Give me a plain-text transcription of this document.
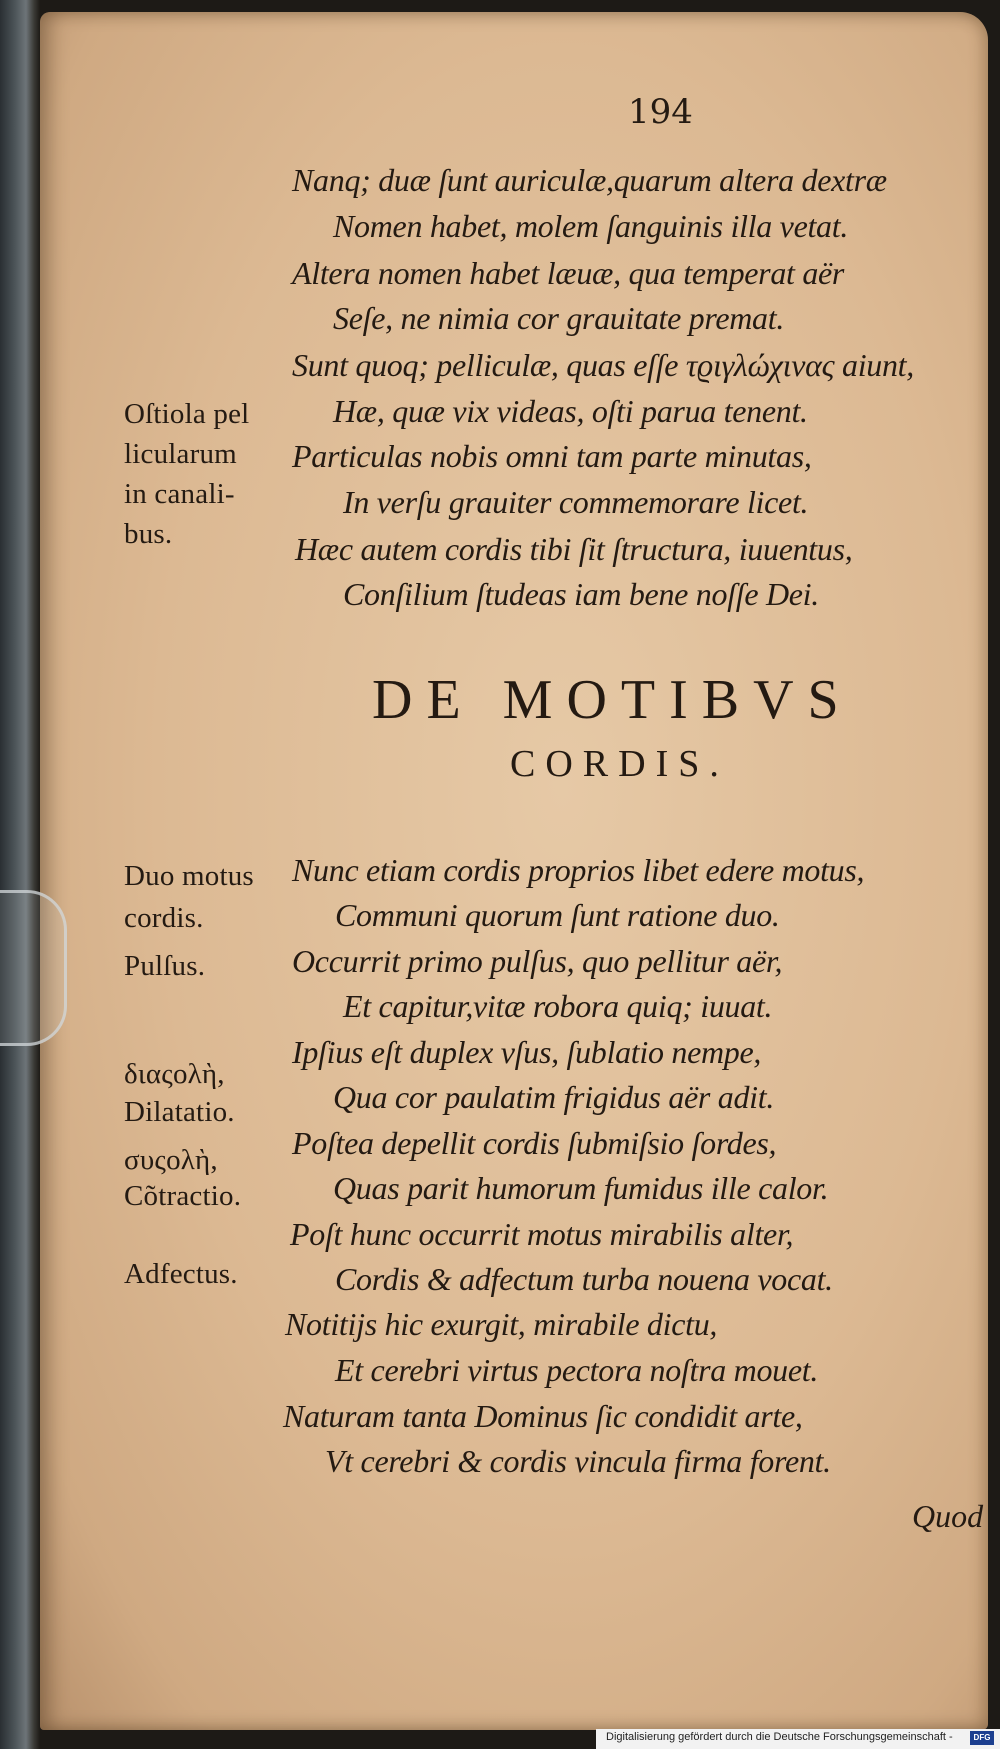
194
Nanq; duæ ſunt auriculæ,quarum altera dextræ
Nomen habet, molem ſanguinis illa vetat.
Altera nomen habet læuæ, qua temperat aër
Seſe, ne nimia cor grauitate premat.
Sunt quoq; pelliculæ, quas eſſe τϱιγλώχινας aiunt,
Hæ, quæ vix videas, oſti parua tenent.
Particulas nobis omni tam parte minutas,
In verſu grauiter commemorare licet.
Hæc autem cordis tibi ſit ſtructura, iuuentus,
Conſilium ſtudeas iam bene noſſe Dei.
Oſtiola pel
licularum
in canali-
bus.
DE MOTIBVS
CORDIS.
Nunc etiam cordis proprios libet edere motus,
Communi quorum ſunt ratione duo.
Occurrit primo pulſus, quo pellitur aër,
Et capitur,vitæ robora quiq; iuuat.
Ipſius eſt duplex vſus, ſublatio nempe,
Qua cor paulatim frigidus aër adit.
Poſtea depellit cordis ſubmiſsio ſordes,
Quas parit humorum fumidus ille calor.
Poſt hunc occurrit motus mirabilis alter,
Cordis & adfectum turba nouena vocat.
Notitijs hic exurgit, mirabile dictu,
Et cerebri virtus pectora noſtra mouet.
Naturam tanta Dominus ſic condidit arte,
Vt cerebri & cordis vincula firma forent.
Duo motus
cordis.
Pulſus.
διαςολὴ,
Dilatatio.
συςολὴ,
Cõtractio.
Adfectus.
Quod
Digitalisierung gefördert durch die Deutsche Forschungsgemeinschaft -	DFG
